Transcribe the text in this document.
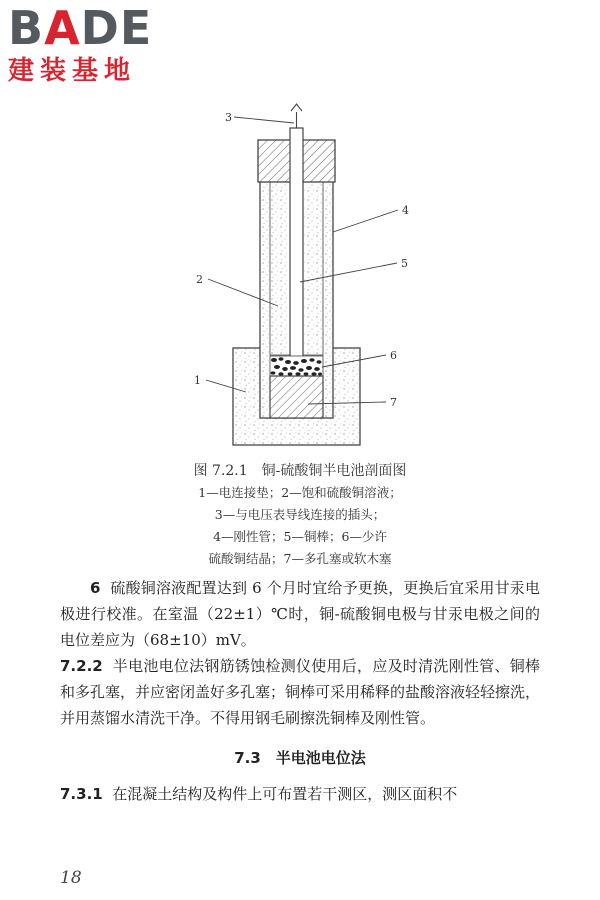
BADE
建装基地
3
4
5
2
6
1
7
图 7.2.1　铜-硫酸铜半电池剖面图
1—电连接垫；2—饱和硫酸铜溶液；
3—与电压表导线连接的插头；
4—刚性管；5—铜棒；6—少许
硫酸铜结晶；7—多孔塞或软木塞

6 硫酸铜溶液配置达到 6 个月时宜给予更换，更换后宜采用甘汞电极进行校准。在室温（22±1）℃时，铜-硫酸铜电极与甘汞电极之间的电位差应为（68±10）mV。

7.2.2 半电池电位法钢筋锈蚀检测仪使用后，应及时清洗刚性管、铜棒和多孔塞，并应密闭盖好多孔塞；铜棒可采用稀释的盐酸溶液轻轻擦洗，并用蒸馏水清洗干净。不得用钢毛刷擦洗铜棒及刚性管。

7.3　半电池电位法

7.3.1 在混凝土结构及构件上可布置若干测区，测区面积不

18
